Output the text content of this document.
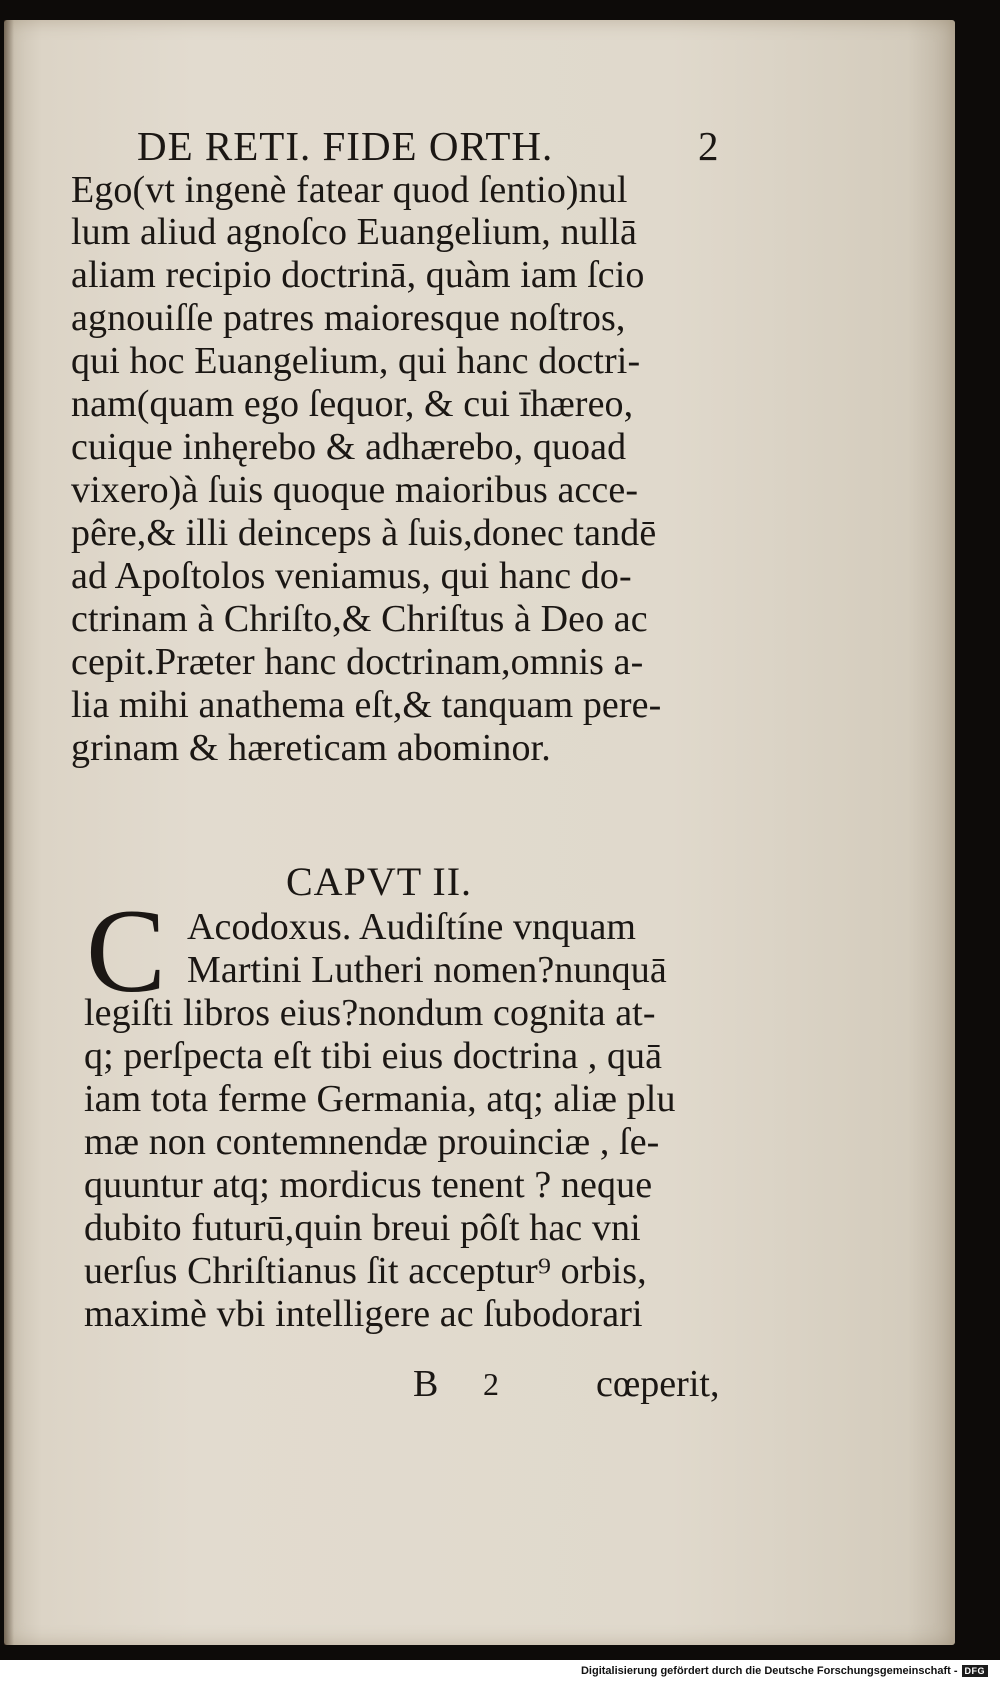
DE RETI. FIDE ORTH.	2
Ego(vt ingenè fatear quod ſentio)nul
lum aliud agnoſco Euangelium, nullā
aliam recipio doctrinā, quàm iam ſcio
agnouiſſe patres maioresque noſtros,
qui hoc Euangelium, qui hanc doctri-
nam(quam ego ſequor, & cui īhæreo,
cuique inhęrebo & adhærebo, quoad
vixero)à ſuis quoque maioribus acce-
pêre,& illi deinceps à ſuis,donec tandē
ad Apoſtolos veniamus, qui hanc do-
ctrinam à Chriſto,& Chriſtus à Deo ac
cepit.Præter hanc doctrinam,omnis a-
lia mihi anathema eſt,& tanquam pere-
grinam & hæreticam abominor.
CAPVT II.
C Acodoxus. Audiſtíne vnquam
Martini Lutheri nomen?nunquā
legiſti libros eius?nondum cognita at-
q; perſpecta eſt tibi eius doctrina , quā
iam tota ferme Germania, atq; aliæ plu
mæ non contemnendæ prouinciæ , ſe-
quuntur atq; mordicus tenent ? neque
dubito futurū,quin breui pôſt hac vni
uerſus Chriſtianus ſit acceptur⁹ orbis,
maximè vbi intelligere ac ſubodorari
B 2	cœperit,
Digitalisierung gefördert durch die Deutsche Forschungsgemeinschaft - DFG
